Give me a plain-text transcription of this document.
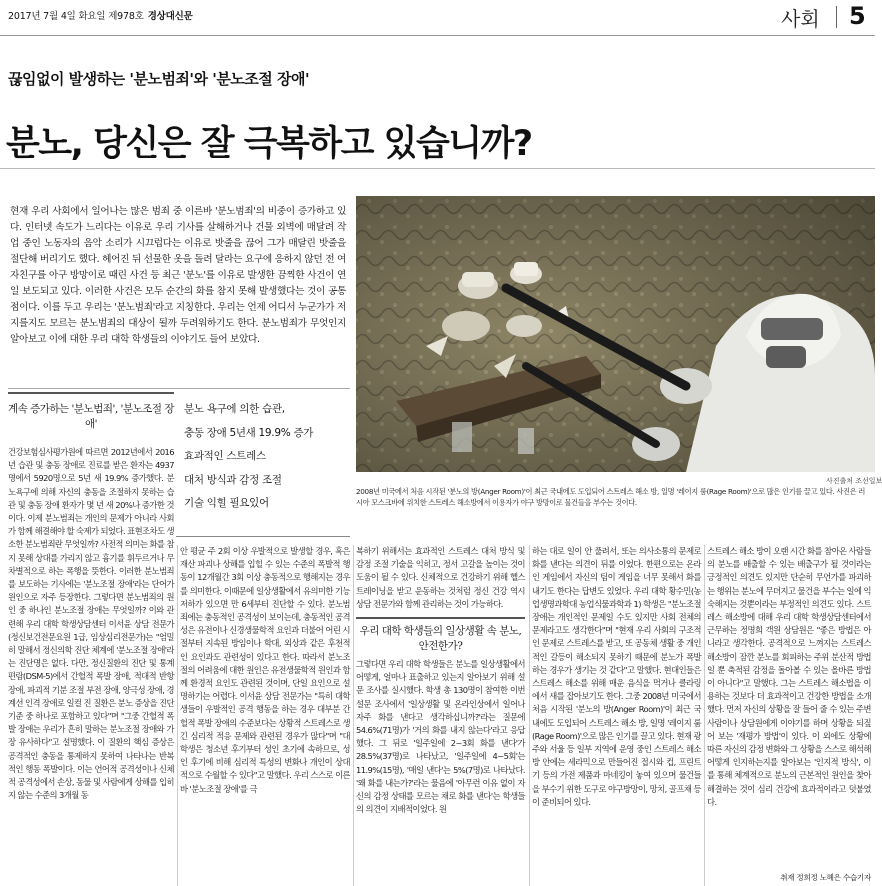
2017년 7월 4일 화요일 제978호 경상대신문	사회 5
끊임없이 발생하는 '분노범죄'와 '분노조절 장애'
분노, 당신은 잘 극복하고 있습니까?
현재 우리 사회에서 일어나는 많은 범죄 중 이른바 '분노범죄'의 비중이 증가하고 있다. 인터넷 속도가 느리다는 이유로 우리 기사를 살해하거나 건물 외벽에 매달려 작업 중인 노동자의 음악 소리가 시끄럽다는 이유로 밧줄을 끊어 그가 매달린 밧줄을 절단해 버리기도 했다. 헤어진 뒤 선물한 옷을 돌려 달라는 요구에 응하지 않던 전 여자친구를 아구 방망이로 때린 사건 등 최근 '분노'를 이유로 발생한 끔찍한 사건이 연일 보도되고 있다. 이러한 사건은 모두 순간의 화를 참지 못해 발생했다는 것이 공통점이다. 이를 두고 우리는 '분노범죄'라고 지칭한다. 우리는 언제 어디서 누군가가 저지를지도 모르는 분노범죄의 대상이 될까 두려워하기도 한다. 분노범죄가 무엇인지 알아보고 이에 대한 우리 대학 학생들의 이야기도 들어 보았다.
사진출처 조선일보
2008년 미국에서 처음 시작된 '분노의 방(Anger Room)'이 최근 국내에도 도입되어 스트레스 해소 방, 일명 '레이지 룸(Rage Room)'으로 많은 인기를 끌고 있다. 사진은 러시아 모스크바에 위치한 스트레스 해소방에서 이용자가 야구 방망이로 물건들을 부수는 것이다.
계속 증가하는 '분노범죄', '분노조절 장애'
분노 욕구에 의한 습관,
충동 장애 5년새 19.9% 증가
효과적인 스트레스
대처 방식과 감정 조절
기술 익힐 필요있어
건강보험심사평가원에 따르면 2012년에서 2016년 습관 및 충동 장애로 진료를 받은 환자는 4937명에서 5920명으로 5년 새 19.9% 증가했다. 분노욕구에 의해 자신의 충동을 조절하지 못하는 습관 및 충동 장애 환자가 몇 년 새 20%나 증가한 것이다. 이제 분노범죄는 개인의 문제가 아니라 사회가 함께 해결해야 할 숙제가 되었다. 표현조차도 생소한 분노범죄란 무엇일까? 사전적 의미는 화를 참지 못해 상대를 가리지 않고 흉기를 휘두르거나 무차별적으로 하는 폭행을 뜻한다. 이러한 분노범죄를 보도하는 기사에는 '분노조절 장애'라는 단어가 원인으로 자주 등장한다. 그렇다면 분노범죄의 원인 중 하나인 분노조절 장애는 무엇일까? 이와 관련해 우리 대학 학생상담센터 이서윤 상담 전문가(정신보건전문요원 1급, 임상심리전문가)는 "엄밀히 말해서 정신의학 진단 체계에 '분노조절 장애'라는 진단명은 없다. 다만, 정신질환의 진단 및 통계 편람(DSM-5)에서 간헐적 폭발 장애, 적대적 반항 장애, 파괴적 기분 조절 부전 장애, 양극성 장애, 경계선 인격 장애로 일컬 진 질환은 분노 증상을 진단 기준 중 하나로 포함하고 있다"며 "그중 간헐적 폭발 장애는 우리가 흔히 말하는 분노조절 장애와 가장 유사하다"고 설명했다. 이 질환의 핵심 증상은 공격적인 충동을 통제하지 못하여 나타나는 반복적인 행동 폭발이다. 이는 언어적 공격성이나 신체적 공격성에서 손상, 동물 및 사람에게 상해를 입히지 않는 수준의 3개월 동
안 평균 주 2회 이상 우발적으로 발생할 경우, 혹은 재산 파괴나 상해를 입힐 수 있는 수준의 폭발적 행동이 12개월간 3회 이상 충동적으로 행해지는 경우를 의미한다. 이때문에 일상생활에서 유의미한 기능 저하가 있으면 만 6세부터 진단할 수 있다. 분노범죄에는 충동적인 공격성이 보이는데, 충동적인 공격성은 유전이나 신경생물학적 요인과 더불어 어린 시절부터 지속된 방임이나 학대, 외상과 같은 후천적인 요인과도 관련성이 있다고 한다. 따라서 분노조절의 어려움에 대한 원인은 유전생물학적 원인과 함께 환경적 요인도 관련된 것이며, 단일 요인으로 설명하기는 어렵다. 이서윤 상담 전문가는 "특히 대학생들이 우발적인 공격 행동을 하는 경우 대부분 간헐적 폭발 장애의 수준보다는 상황적 스트레스로 생긴 심리적 적응 문제와 관련된 경우가 많다"며 "대학생은 청소년 후기부터 성인 초기에 속하므로, 성인 후기에 비해 심리적 특성의 변화나 개인이 상대적으로 수월할 수 있다"고 말했다. 우리 스스로 이른바 '분노조절 장애'를 극
복하기 위해서는 효과적인 스트레스 대처 방식 및 감정 조절 기술을 익히고, 정서 고갈을 높이는 것이 도움이 될 수 있다. 신체적으로 건강하기 위해 헬스트레이닝을 받고 운동하는 것처럼 정신 건강 역시 상담 전문가와 함께 관리하는 것이 가능하다.
우리 대학 학생들의 일상생활 속 분노, 안전한가?
그렇다면 우리 대학 학생들은 분노를 일상생활에서 어떻게, 얼마나 표출하고 있는지 알아보기 위해 설문 조사를 실시했다. 학생 총 130명이 참여한 이번 설문 조사에서 '일상생활 및 온라인상에서 일어나 자주 화를 낸다고 생각하십니까?'라는 질문에 54.6%(71명)가 '거의 화를 내지 않는다'라고 응답했다. 그 뒤로 '일주일에 2~3회 화를 낸다'가 28.5%(37명)로 나타났고, '일주일에 4~5회'는 11.9%(15명), '매일 낸다'는 5%(7명)로 나타났다. '왜 화를 내는가?'라는 물음에 '아무런 이유 없이 자신의 감정 상태를 모르는 채로 화를 낸다'는 학생들의 의견이 지배적이었다. 원
하는 대로 일이 안 풀려서, 또는 의사소통의 문제로 화를 낸다는 의견이 뒤를 이었다. 한편으로는 온라인 게임에서 자신의 팀이 게임을 너무 못해서 화를 내기도 한다는 답변도 있었다. 우리 대학 황수민(농업생명과학대 농업식물과학과 1) 학생은 "분노조절 장애는 개인적인 문제일 수도 있지만 사회 전체의 문제라고도 생각한다"며 "현재 우리 사회의 구조적인 문제로 스트레스를 받고, 또 공동체 생활 중 개인적인 갈등이 해소되지 못하기 때문에 분노가 폭발하는 경우가 생기는 것 같다"고 말했다. 현대인들은 스트레스 해소를 위해 매운 음식을 먹거나 클라링에서 새를 잡아보기도 한다. 그중 2008년 미국에서 처음 시작된 '분노의 방(Anger Room)'이 최근 국내에도 도입되어 스트레스 해소 방, 일명 '레이지 룸(Rage Room)'으로 많은 인기를 끌고 있다. 현재 광주와 서울 등 일부 지역에 운영 중인 스트레스 해소방 안에는 세라믹으로 만들어진 접시와 컵, 프린트기 등의 가전 제품과 마네킹이 놓여 있으며 물건들을 부수기 위한 도구로 야구방망이, 망치, 골프채 등이 준비되어 있다.
스트레스 해소 방이 오랜 시간 화를 참아온 사람들의 분노를 배출할 수 있는 배출구가 될 것이라는 긍정적인 의견도 있지만 단순히 무언가를 파괴하는 행위는 분노에 무뎌지고 물건을 부수는 일에 익숙해지는 것뿐이라는 부정적인 의견도 있다. 스트레스 해소방에 대해 우리 대학 학생상담센터에서 근무하는 정명희 객원 상담원은 "좋은 방법은 아니라고 생각한다. 공격적으로 느껴지는 스트레스 해소방이 잠깐 분노를 회피하는 주위 분산적 방법일 뿐 축적된 감정을 돌아볼 수 있는 올바른 방법이 아니다"고 말했다. 그는 스트레스 해소법을 이용하는 것보다 더 효과적이고 건강한 방법을 소개했다. 먼저 자신의 상황을 잘 들어 줄 수 있는 주변 사람이나 상담원에게 이야기를 하며 상황을 되짚어 보는 '재평가 방법'이 있다. 이 외에도 상황에 따른 자신의 감정 변화와 그 상황을 스스로 해석해 어떻게 인지하는지를 알아보는 '인지적 방식', 이를 통해 체계적으로 분노의 근본적인 원인을 찾아 해결하는 것이 심리 건강에 효과적이라고 덧붙였다.
취재 정희정 노혜은 수습기자
